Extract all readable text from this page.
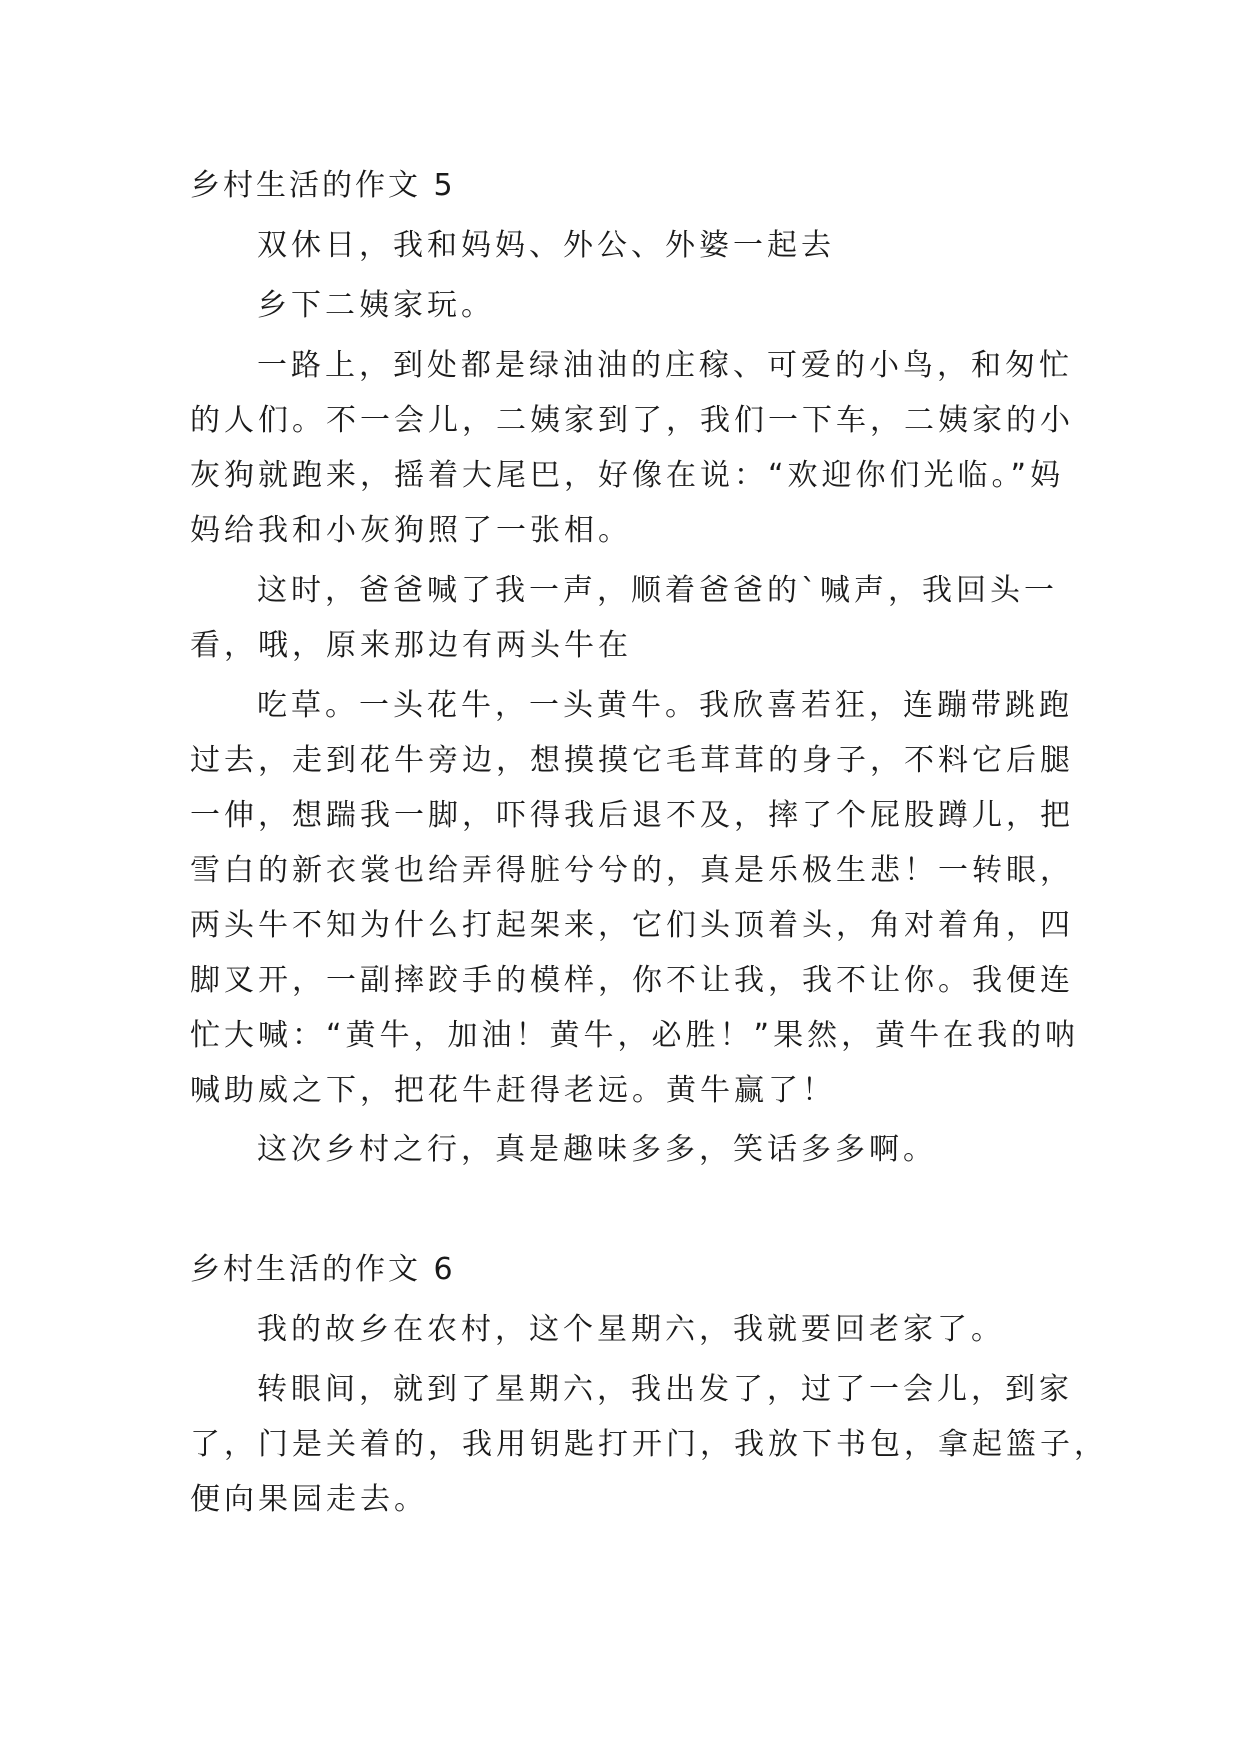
乡村生活的作文 5
双休日，我和妈妈、外公、外婆一起去
乡下二姨家玩。
一路上，到处都是绿油油的庄稼、可爱的小鸟，和匆忙
的人们。不一会儿，二姨家到了，我们一下车，二姨家的小
灰狗就跑来，摇着大尾巴，好像在说：“欢迎你们光临。”妈
妈给我和小灰狗照了一张相。
这时，爸爸喊了我一声，顺着爸爸的`喊声，我回头一
看，哦，原来那边有两头牛在
吃草。一头花牛，一头黄牛。我欣喜若狂，连蹦带跳跑
过去，走到花牛旁边，想摸摸它毛茸茸的身子，不料它后腿
一伸，想踹我一脚，吓得我后退不及，摔了个屁股蹲儿，把
雪白的新衣裳也给弄得脏兮兮的，真是乐极生悲！一转眼，
两头牛不知为什么打起架来，它们头顶着头，角对着角，四
脚叉开，一副摔跤手的模样，你不让我，我不让你。我便连
忙大喊：“黄牛，加油！黄牛，必胜！”果然，黄牛在我的呐
喊助威之下，把花牛赶得老远。黄牛赢了！
这次乡村之行，真是趣味多多，笑话多多啊。
乡村生活的作文 6
我的故乡在农村，这个星期六，我就要回老家了。
转眼间，就到了星期六，我出发了，过了一会儿，到家
了，门是关着的，我用钥匙打开门，我放下书包，拿起篮子，
便向果园走去。
